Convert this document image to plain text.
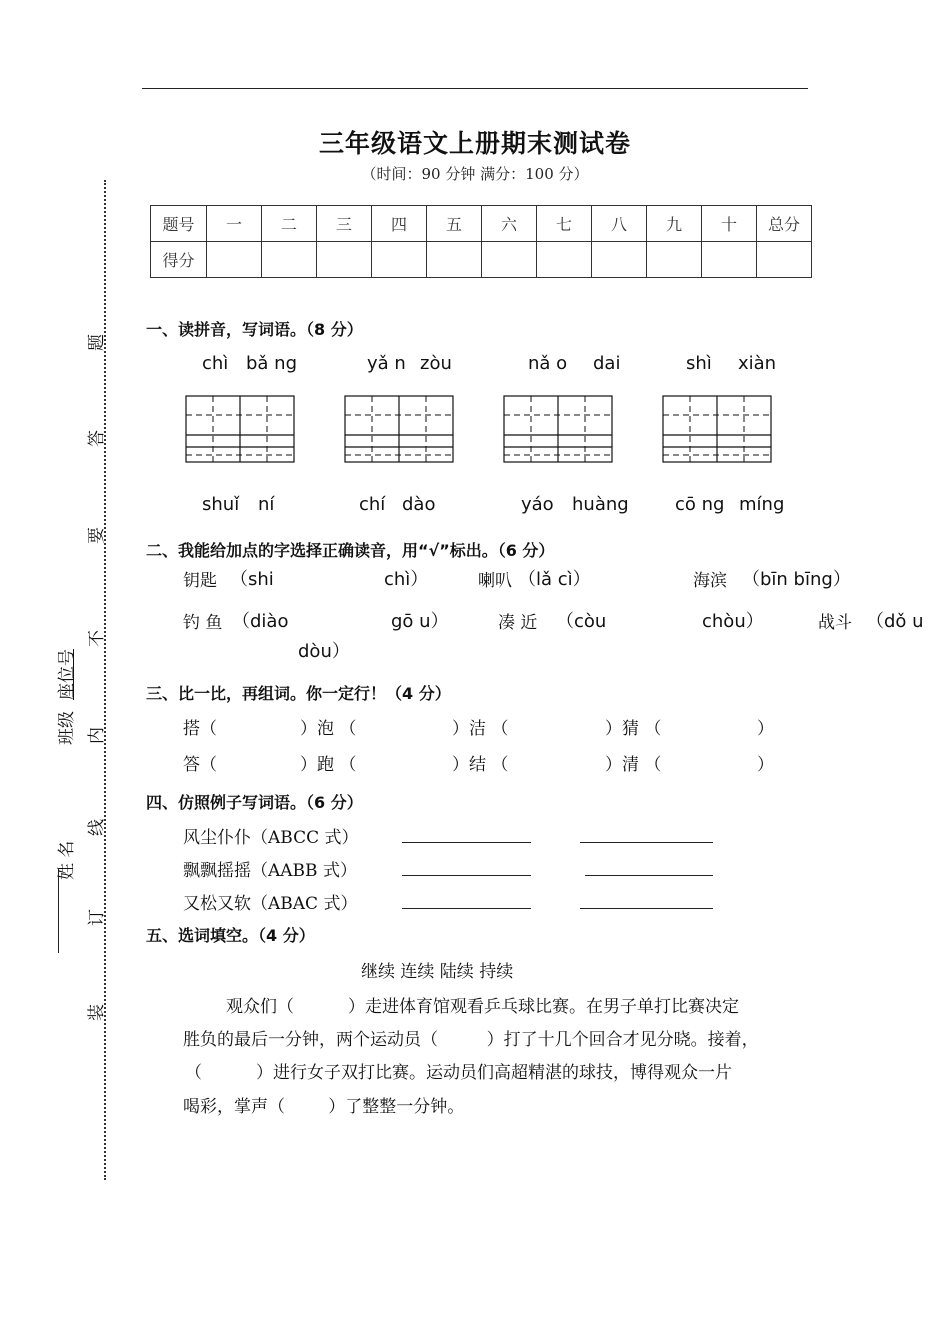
姓 名
班级
座位号
装
订
线
内
不
要
答
题
三年级语文上册期末测试卷
（时间：90 分钟 满分：100 分）
题号	一	二	三	四	五	六	七	八	九	十	总分
得分											
一、读拼音，写词语。（8 分）
chì bǎ ng	yǎ n zòu	nǎ o dai	shì xiàn
shuǐ ní	chí dào	yáo huàng	cō ng míng
二、我能给加点的字选择正确读音，用“√”标出。（6 分）
钥匙 （shi	chì）	喇叭 （lǎ cì）	海滨 （bīn bīng）
钓 鱼 （diào	gō u）	凑 近 （còu	chòu）	战斗 （dǒ u
dòu）
三、比一比，再组词。你一定行！（4 分）
搭（	）泡 （	）洁 （	）猜 （	）
答（	）跑 （	）结 （	）清 （	）
四、仿照例子写词语。（6 分）
风尘仆仆（ABCC 式）
飘飘摇摇（AABB 式）
又松又软（ABAC 式）
五、选词填空。（4 分）
继续 连续 陆续 持续
观众们（          ）走进体育馆观看乒乓球比赛。在男子单打比赛决定
胜负的最后一分钟，两个运动员（         ）打了十几个回合才见分晓。接着，
（          ）进行女子双打比赛。运动员们高超精湛的球技，博得观众一片
喝彩，掌声（        ）了整整一分钟。
